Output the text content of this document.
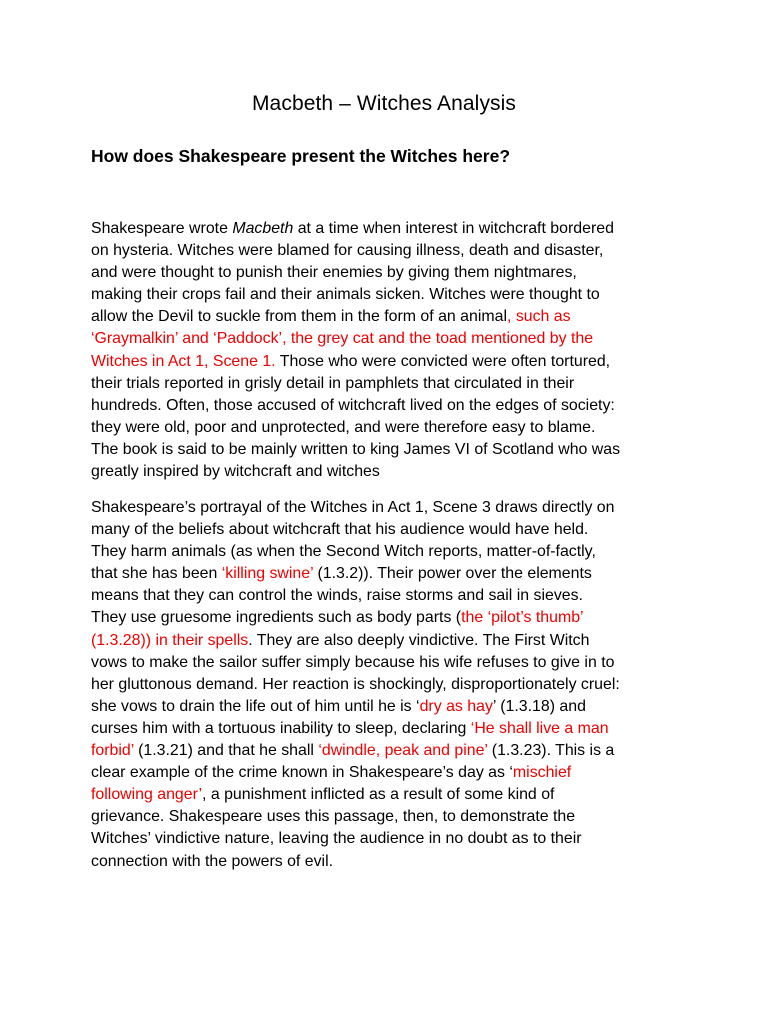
Macbeth – Witches Analysis
How does Shakespeare present the Witches here?

Shakespeare wrote Macbeth at a time when interest in witchcraft bordered
on hysteria. Witches were blamed for causing illness, death and disaster,
and were thought to punish their enemies by giving them nightmares,
making their crops fail and their animals sicken. Witches were thought to
allow the Devil to suckle from them in the form of an animal, such as
‘Graymalkin’ and ‘Paddock’, the grey cat and the toad mentioned by the
Witches in Act 1, Scene 1. Those who were convicted were often tortured,
their trials reported in grisly detail in pamphlets that circulated in their
hundreds. Often, those accused of witchcraft lived on the edges of society:
they were old, poor and unprotected, and were therefore easy to blame.
The book is said to be mainly written to king James VI of Scotland who was
greatly inspired by witchcraft and witches

Shakespeare’s portrayal of the Witches in Act 1, Scene 3 draws directly on
many of the beliefs about witchcraft that his audience would have held.
They harm animals (as when the Second Witch reports, matter-of-factly,
that she has been ‘killing swine’ (1.3.2)). Their power over the elements
means that they can control the winds, raise storms and sail in sieves.
They use gruesome ingredients such as body parts (the ‘pilot’s thumb’
(1.3.28)) in their spells. They are also deeply vindictive. The First Witch
vows to make the sailor suffer simply because his wife refuses to give in to
her gluttonous demand. Her reaction is shockingly, disproportionately cruel:
she vows to drain the life out of him until he is ‘dry as hay’ (1.3.18) and
curses him with a tortuous inability to sleep, declaring ‘He shall live a man
forbid’ (1.3.21) and that he shall ‘dwindle, peak and pine’ (1.3.23). This is a
clear example of the crime known in Shakespeare’s day as ‘mischief
following anger’, a punishment inflicted as a result of some kind of
grievance. Shakespeare uses this passage, then, to demonstrate the
Witches’ vindictive nature, leaving the audience in no doubt as to their
connection with the powers of evil.
